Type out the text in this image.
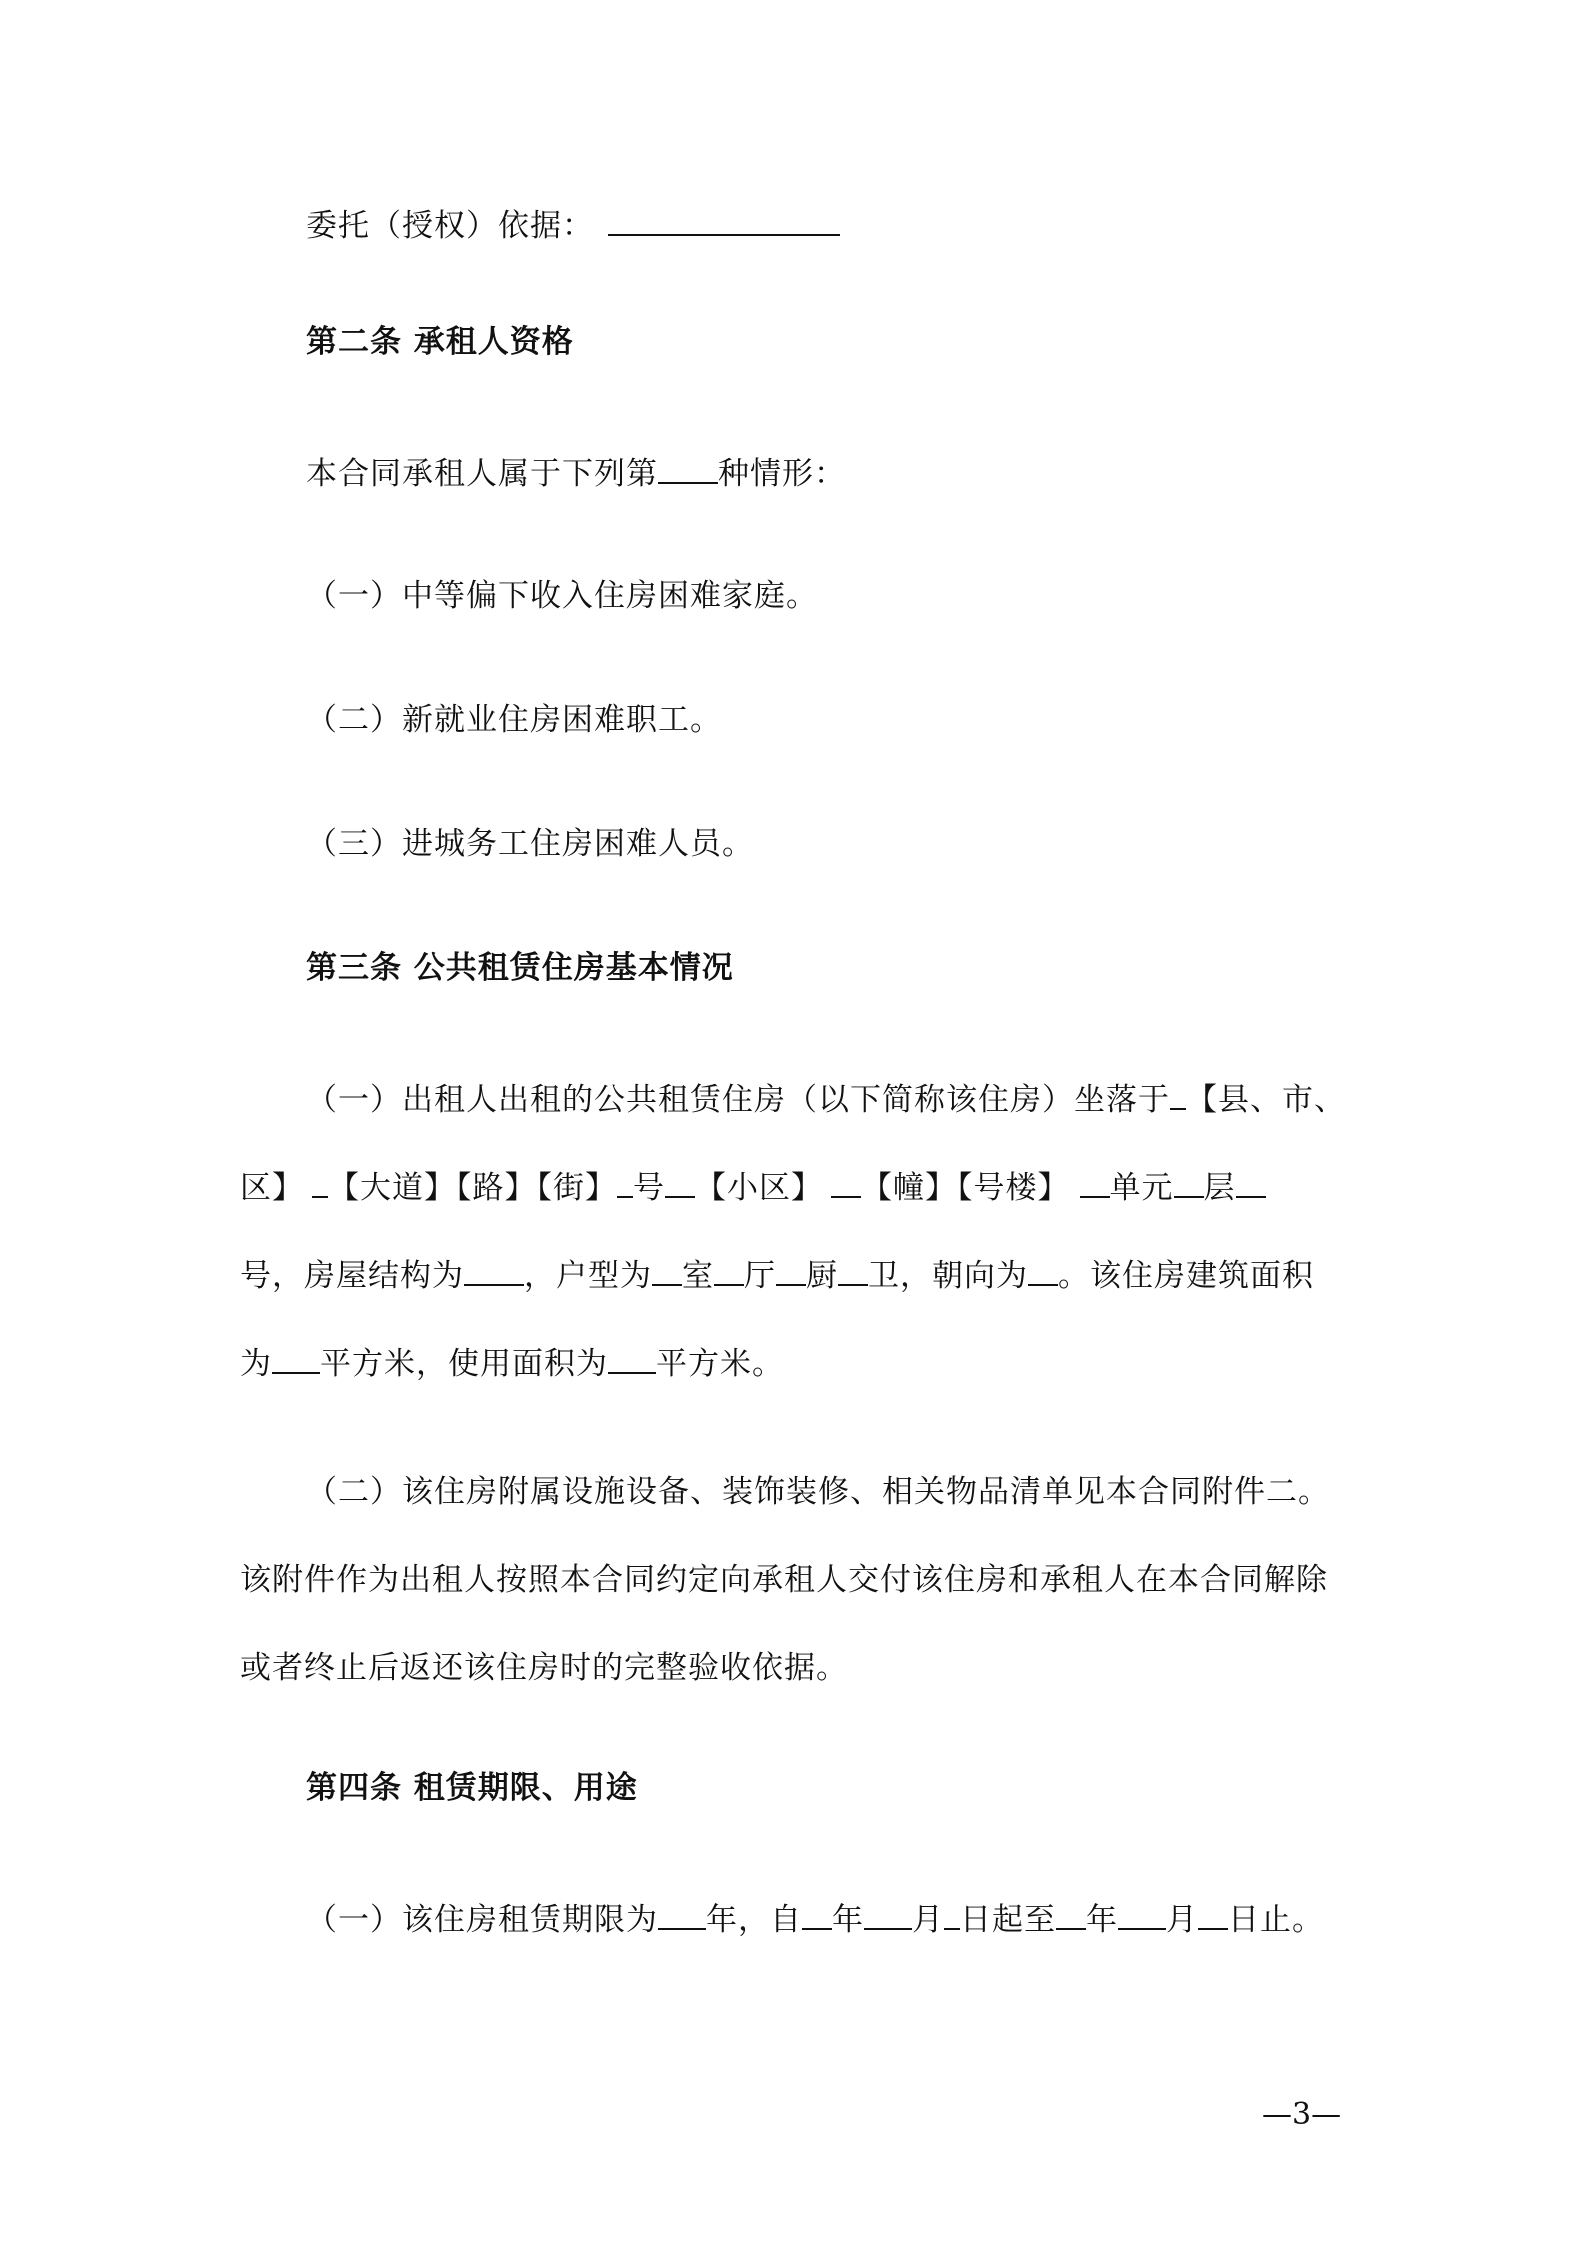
委托（授权）依据：
第二条 承租人资格
本合同承租人属于下列第 种情形：
（一）中等偏下收入住房困难家庭。
（二）新就业住房困难职工。
（三）进城务工住房困难人员。
第三条 公共租赁住房基本情况
（一）出租人出租的公共租赁住房（以下简称该住房）坐落于 【县、市、
区】 【大道】【路】【街】 号 【小区】 【幢】【号楼】 单元 层
号，房屋结构为 ，户型为 室 厅 厨 卫，朝向为 。该住房建筑面积
为 平方米，使用面积为 平方米。
（二）该住房附属设施设备、装饰装修、相关物品清单见本合同附件二。
该附件作为出租人按照本合同约定向承租人交付该住房和承租人在本合同解除
或者终止后返还该住房时的完整验收依据。
第四条 租赁期限、用途
（一）该住房租赁期限为 年，自 年 月 日起至 年 月 日止。
—3—
